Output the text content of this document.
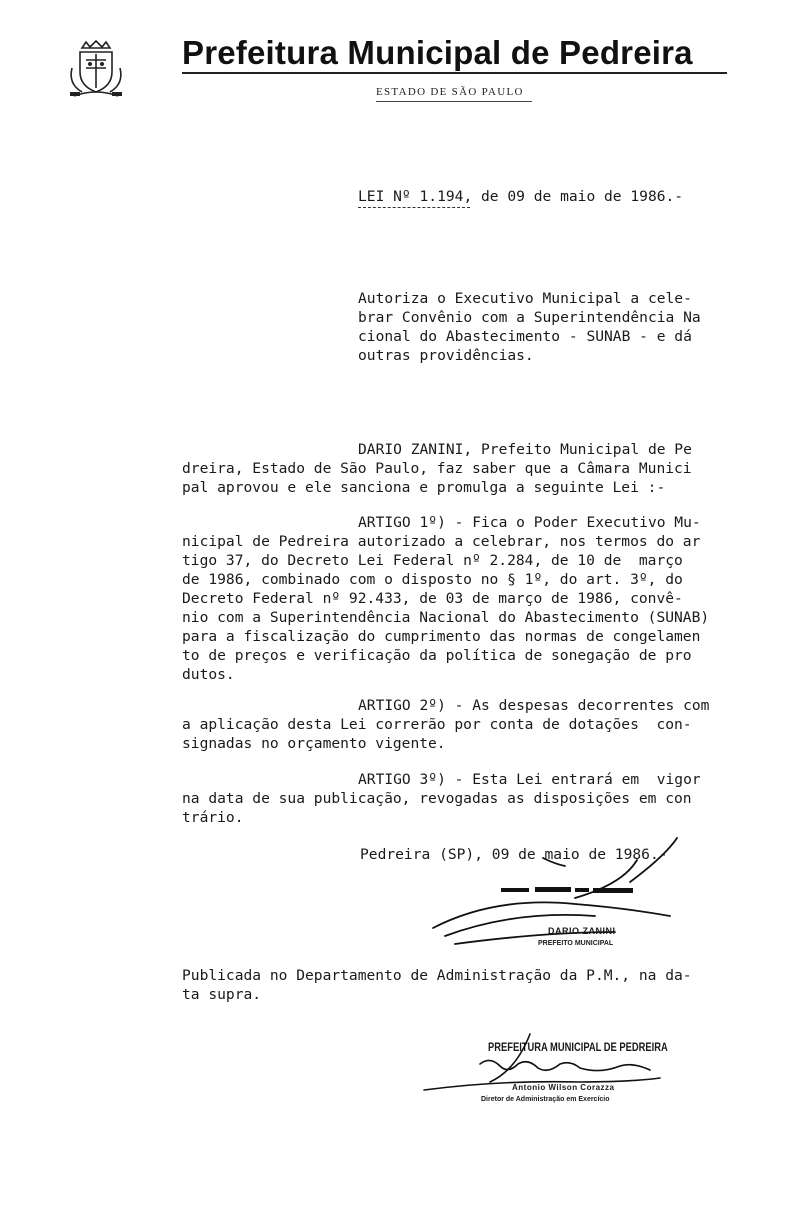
Prefeitura Municipal de Pedreira
ESTADO DE SÃO PAULO
LEI Nº 1.194, de 09 de maio de 1986.-
Autoriza o Executivo Municipal a cele-
brar Convênio com a Superintendência Na
cional do Abastecimento - SUNAB - e dá
outras providências.
DARIO ZANINI, Prefeito Municipal de Pe
dreira, Estado de São Paulo, faz saber que a Câmara Munici
pal aprovou e ele sanciona e promulga a seguinte Lei :-
ARTIGO 1º) - Fica o Poder Executivo Mu-
nicipal de Pedreira autorizado a celebrar, nos termos do ar
tigo 37, do Decreto Lei Federal nº 2.284, de 10 de  março
de 1986, combinado com o disposto no § 1º, do art. 3º, do
Decreto Federal nº 92.433, de 03 de março de 1986, convê-
nio com a Superintendência Nacional do Abastecimento (SUNAB)
para a fiscalização do cumprimento das normas de congelamen
to de preços e verificação da política de sonegação de pro
dutos.
ARTIGO 2º) - As despesas decorrentes com
a aplicação desta Lei correrão por conta de dotações  con-
signadas no orçamento vigente.
ARTIGO 3º) - Esta Lei entrará em  vigor
na data de sua publicação, revogadas as disposições em con
trário.
Pedreira (SP), 09 de maio de 1986.-
DARIO ZANINI
PREFEITO MUNICIPAL
Publicada no Departamento de Administração da P.M., na da-
ta supra.
PREFEITURA MUNICIPAL DE PEDREIRA
Antonio Wilson Corazza
Diretor de Administração em Exercício
